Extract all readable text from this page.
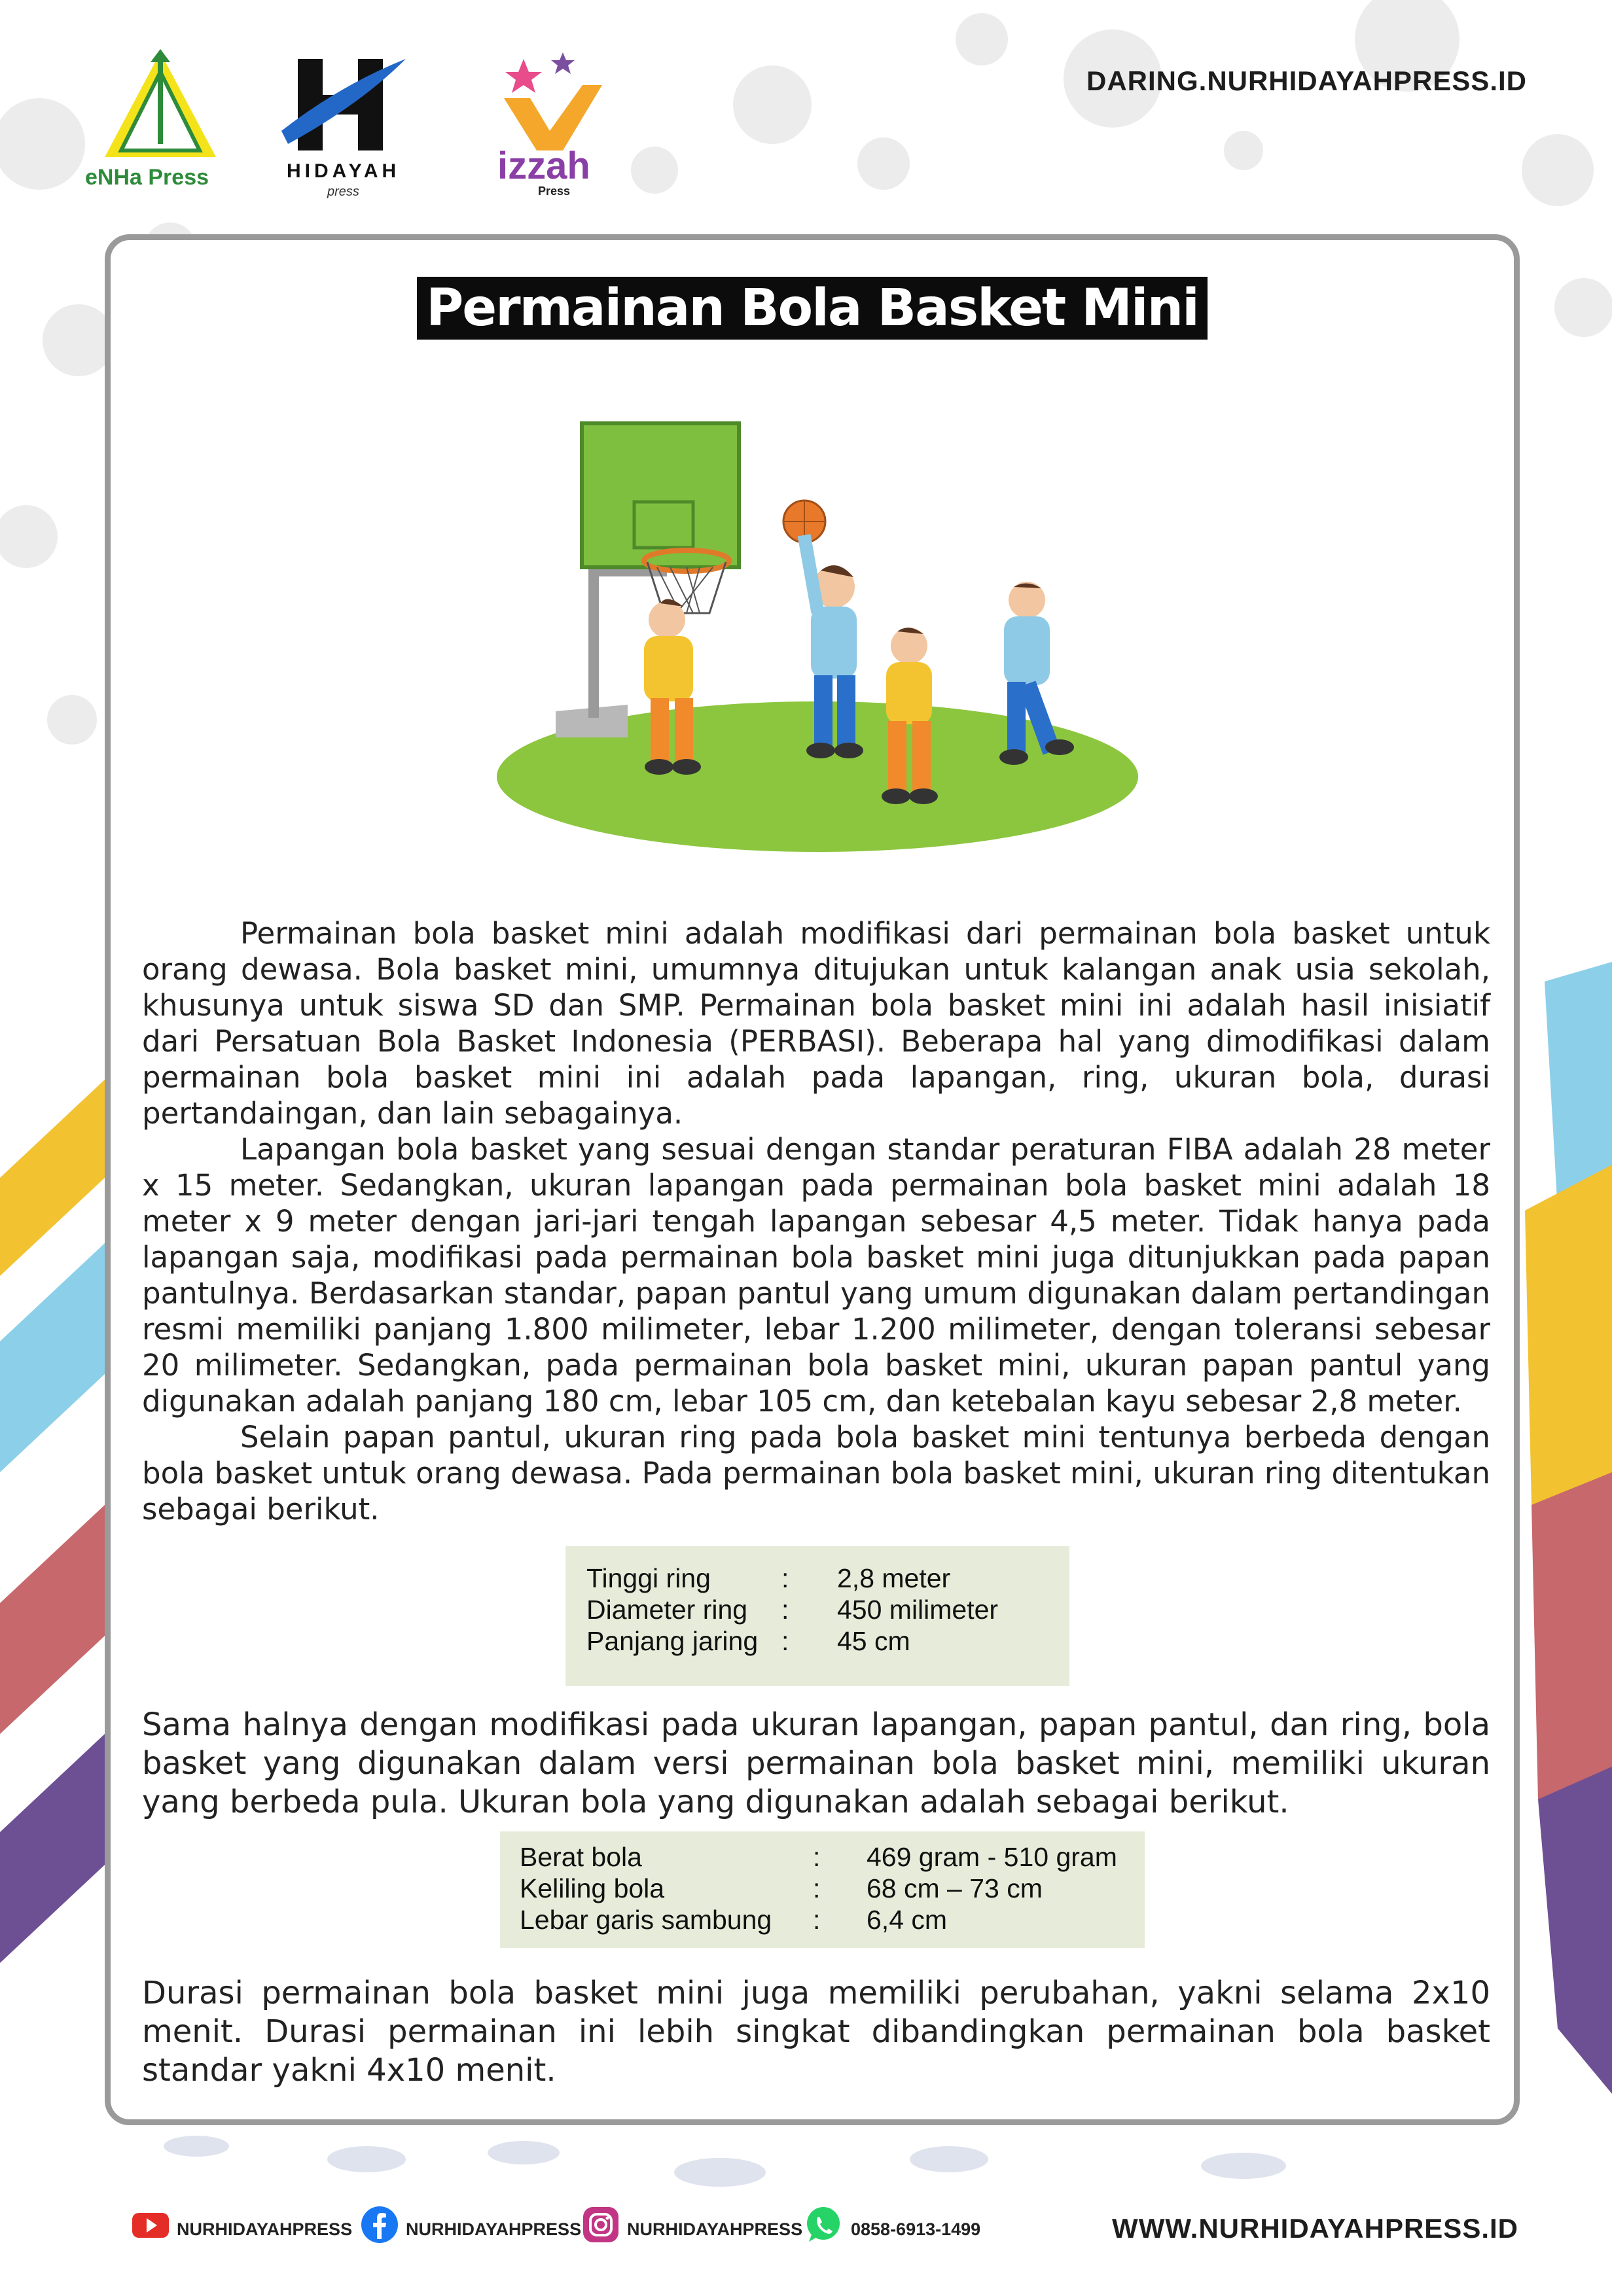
eNHa Press	HIDAYAH
press
izzah
Press
DARING.NURHIDAYAHPRESS.ID
Permainan Bola Basket Mini

Permainan bola basket mini adalah modifikasi dari permainan bola basket untuk orang dewasa. Bola basket mini, umumnya ditujukan untuk kalangan anak usia sekolah, khusunya untuk siswa SD dan SMP. Permainan bola basket mini ini adalah hasil inisiatif dari Persatuan Bola Basket Indonesia (PERBASI). Beberapa hal yang dimodifikasi dalam permainan bola basket mini ini adalah pada lapangan, ring, ukuran bola, durasi pertandaingan, dan lain sebagainya.

Lapangan bola basket yang sesuai dengan standar peraturan FIBA adalah 28 meter x 15 meter. Sedangkan, ukuran lapangan pada permainan bola basket mini adalah 18 meter x 9 meter dengan jari-jari tengah lapangan sebesar 4,5 meter. Tidak hanya pada lapangan saja, modifikasi pada permainan bola basket mini juga ditunjukkan pada papan pantulnya. Berdasarkan standar, papan pantul yang umum digunakan dalam pertandingan resmi memiliki panjang 1.800 milimeter, lebar 1.200 milimeter, dengan toleransi sebesar 20 milimeter. Sedangkan, pada permainan bola basket mini, ukuran papan pantul yang digunakan adalah panjang 180 cm, lebar 105 cm, dan ketebalan kayu sebesar 2,8 meter.

Selain papan pantul, ukuran ring pada bola basket mini tentunya berbeda dengan bola basket untuk orang dewasa. Pada permainan bola basket mini, ukuran ring ditentukan sebagai berikut.

Tinggi ring	: 2,8 meter
Diameter ring : 450 milimeter
Panjang jaring : 45 cm

Sama halnya dengan modifikasi pada ukuran lapangan, papan pantul, dan ring, bola basket yang digunakan dalam versi permainan bola basket mini, memiliki ukuran yang berbeda pula. Ukuran bola yang digunakan adalah sebagai berikut.

Berat bola	: 469 gram - 510 gram
Keliling bola	: 68 cm – 73 cm
Lebar garis sambung : 6,4 cm

Durasi permainan bola basket mini juga memiliki perubahan, yakni selama 2x10 menit. Durasi permainan ini lebih singkat dibandingkan permainan bola basket standar yakni 4x10 menit.

NURHIDAYAHPRESS	NURHIDAYAHPRESS	NURHIDAYAHPRESS	0858-6913-1499	WWW.NURHIDAYAHPRESS.ID
